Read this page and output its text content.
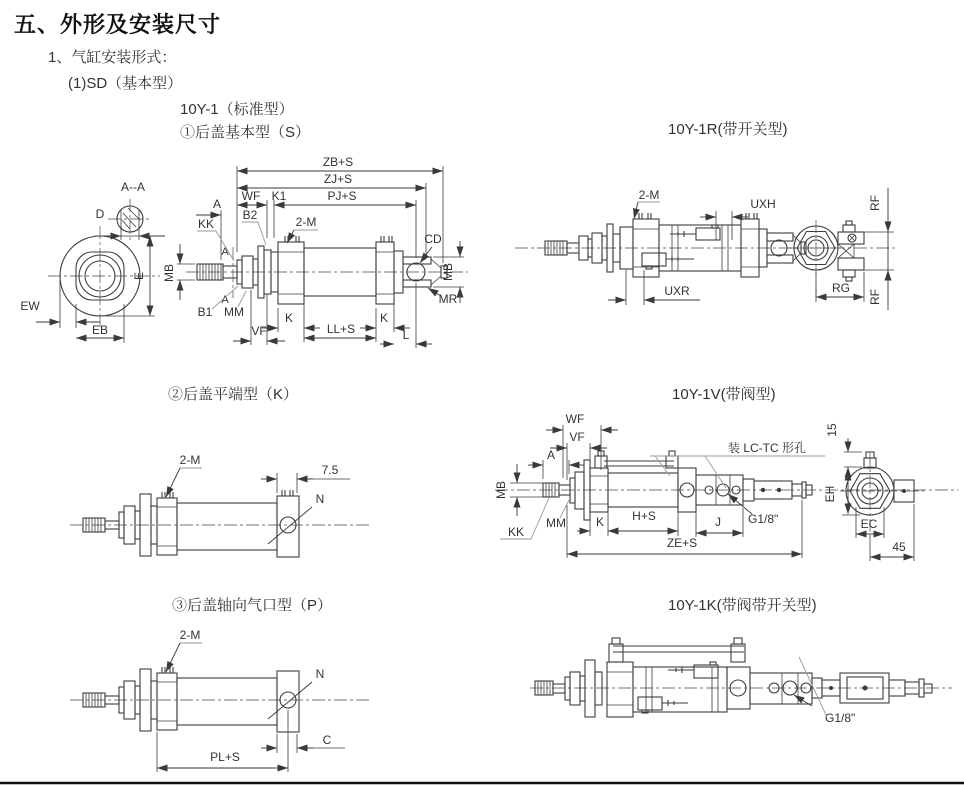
五、外形及安装尺寸
1、气缸安装形式：
(1)SD（基本型）
10Y-1（标准型）
①后盖基本型（S）	10Y-1R(带开关型)
②后盖平端型（K）	10Y-1V(带阀型)
③后盖轴向气口型（P）	10Y-1K(带阀带开关型)
A--A
D
E
EW
EB
A
A
ZB+S
ZJ+S
PJ+S
WF K1
A
KK
B2	2-M
MB
B1 MM
VF
K
LL+S
K
L
CD
MR
MB
2-M
UXH
UXR
RF
RF
RG
2-M
7.5
N
WF
VF
A
MB
KK
MM K H+S
ZE+S
J G1/8"
装 LC-TC 形孔
15
EH
EC
45
2-M
N
C
PL+S
G1/8"
